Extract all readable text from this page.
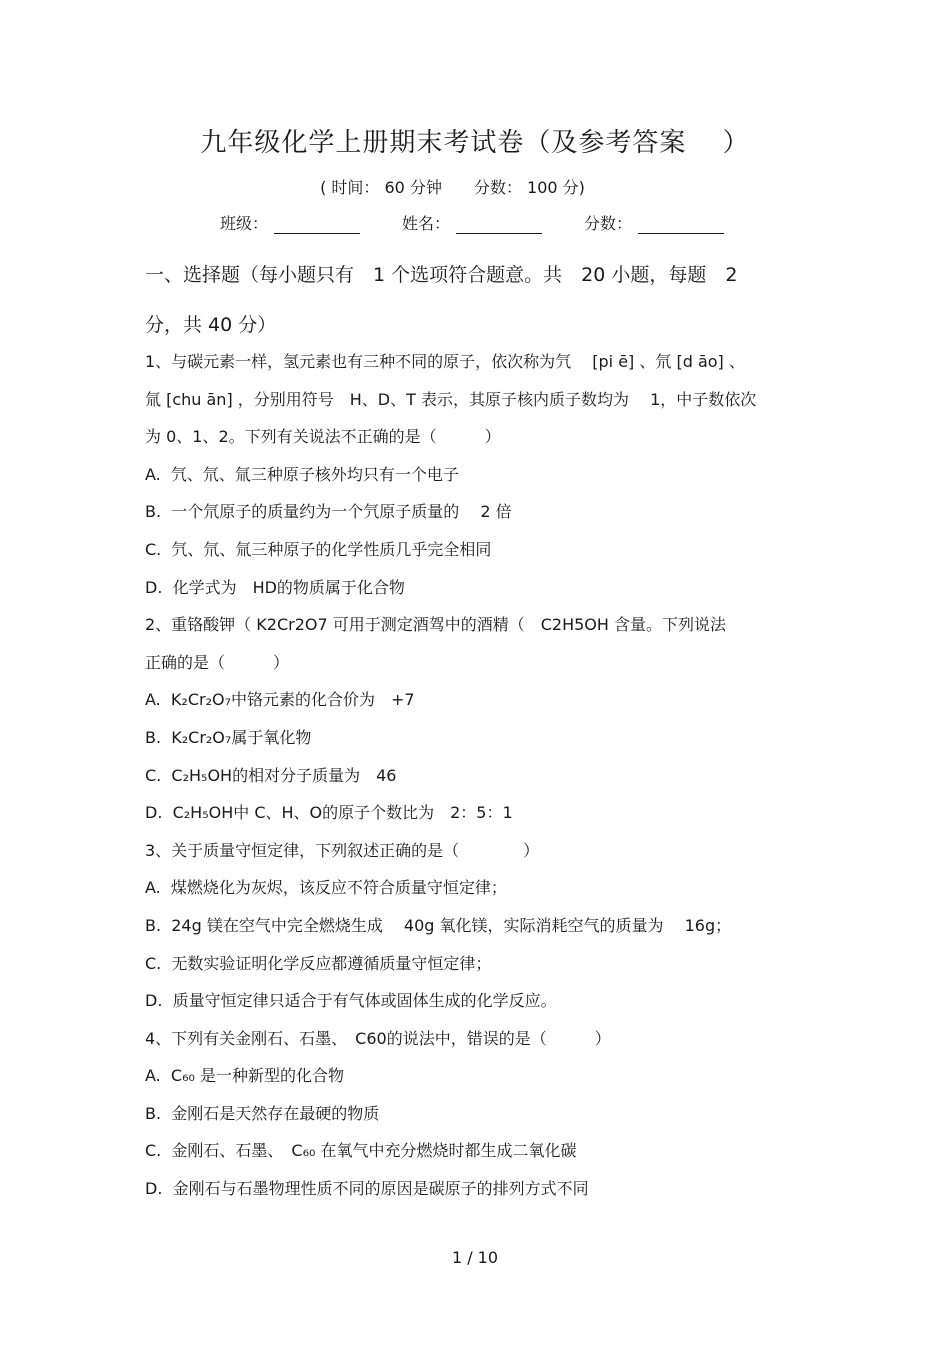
九年级化学上册期末考试卷（及参考答案　 ）
( 时间： 60 分钟　　分数： 100 分)
班级：	姓名：	分数：
一、选择题（每小题只有　1 个选项符合题意。共　20 小题，每题　2
分，共 40 分）
1、与碳元素一样，氢元素也有三种不同的原子，依次称为氕　 [pi ē] 、氘 [d āo] 、
氚 [chu ān] ，分别用符号　H、D、T 表示，其原子核内质子数均为　 1，中子数依次
为 0、1、2。下列有关说法不正确的是（　　　）
A.  氕、氘、氚三种原子核外均只有一个电子
B.  一个氘原子的质量约为一个氕原子质量的　 2 倍
C.  氕、氘、氚三种原子的化学性质几乎完全相同
D.  化学式为　HD的物质属于化合物
2、重铬酸钾（ K2Cr2O7 可用于测定酒驾中的酒精（　C2H5OH 含量。下列说法
正确的是（　　　）
A.  K₂Cr₂O₇中铬元素的化合价为　+7
B.  K₂Cr₂O₇属于氧化物
C.  C₂H₅OH的相对分子质量为　46
D.  C₂H₅OH中 C、H、O的原子个数比为　2：5：1
3、关于质量守恒定律，下列叙述正确的是（　　　　）
A.  煤燃烧化为灰烬，该反应不符合质量守恒定律；
B.  24g 镁在空气中完全燃烧生成　 40g 氧化镁，实际消耗空气的质量为　 16g；
C.  无数实验证明化学反应都遵循质量守恒定律；
D.  质量守恒定律只适合于有气体或固体生成的化学反应。
4、下列有关金刚石、石墨、　C60的说法中，错误的是（　　　）
A.  C₆₀ 是一种新型的化合物
B.  金刚石是天然存在最硬的物质
C.  金刚石、石墨、　C₆₀ 在氧气中充分燃烧时都生成二氧化碳
D.  金刚石与石墨物理性质不同的原因是碳原子的排列方式不同
1 / 10
